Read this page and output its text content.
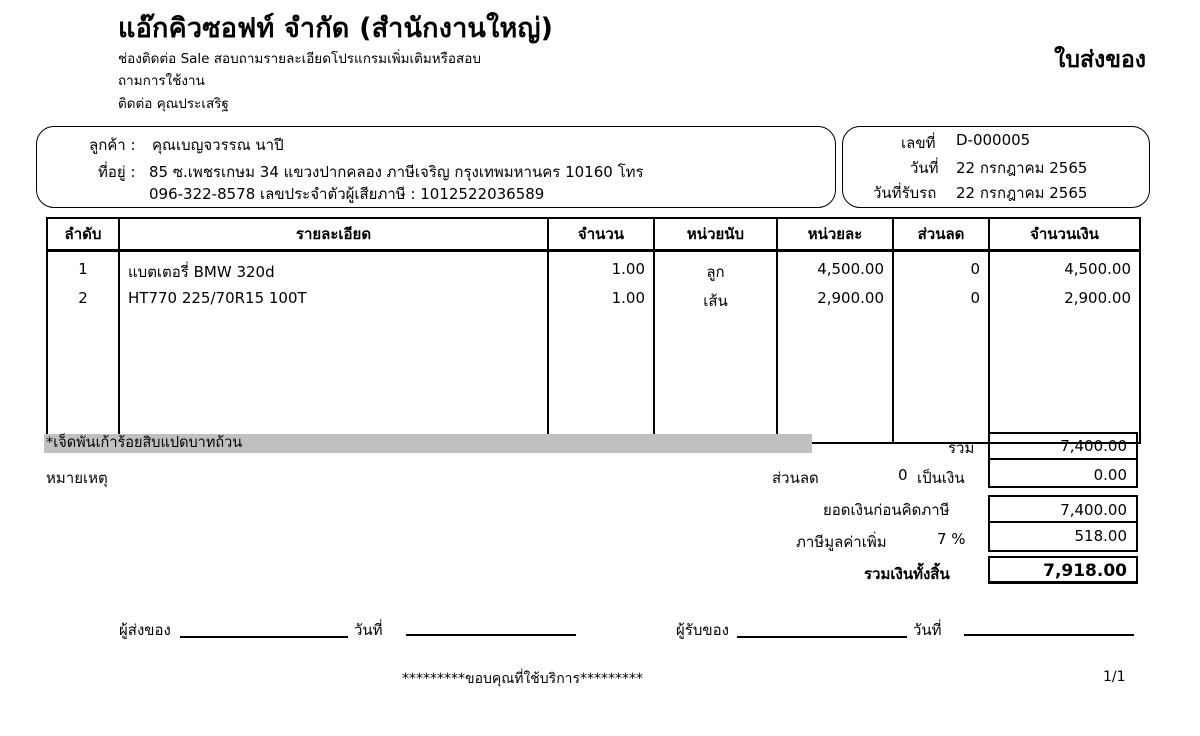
แอ๊กคิวซอฟท์ จำกัด (สำนักงานใหญ่)
ช่องติดต่อ Sale สอบถามรายละเอียดโปรแกรมเพิ่มเติมหรือสอบ
ถามการใช้งาน
ติดต่อ คุณประเสริฐ
ใบส่งของ
ลูกค้า : คุณเบญจวรรณ นาปี
ที่อยู่ : 85 ซ.เพชรเกษม 34 แขวงปากคลอง ภาษีเจริญ กรุงเทพมหานคร 10160 โทร
096-322-8578 เลขประจำตัวผู้เสียภาษี : 1012522036589
เลขที่ D-000005
วันที่ 22 กรกฎาคม 2565
วันที่รับรถ 22 กรกฎาคม 2565
ลำดับ	รายละเอียด	จำนวน	หน่วยนับ	หน่วยละ	ส่วนลด	จำนวนเงิน
1	แบตเตอรี่ BMW 320d	1.00	ลูก	4,500.00	0	4,500.00
2	HT770 225/70R15 100T	1.00	เส้น	2,900.00	0	2,900.00

*เจ็ดพันเก้าร้อยสิบแปดบาทถ้วน	รวม	7,400.00
หมายเหตุ	ส่วนลด	0 เป็นเงิน	0.00
ยอดเงินก่อนคิดภาษี	7,400.00
ภาษีมูลค่าเพิ่ม	7 %	518.00
รวมเงินทั้งสิ้น	7,918.00
ผู้ส่งของ	วันที่	ผู้รับของ	วันที่
*********ขอบคุณที่ใช้บริการ*********	1/1
